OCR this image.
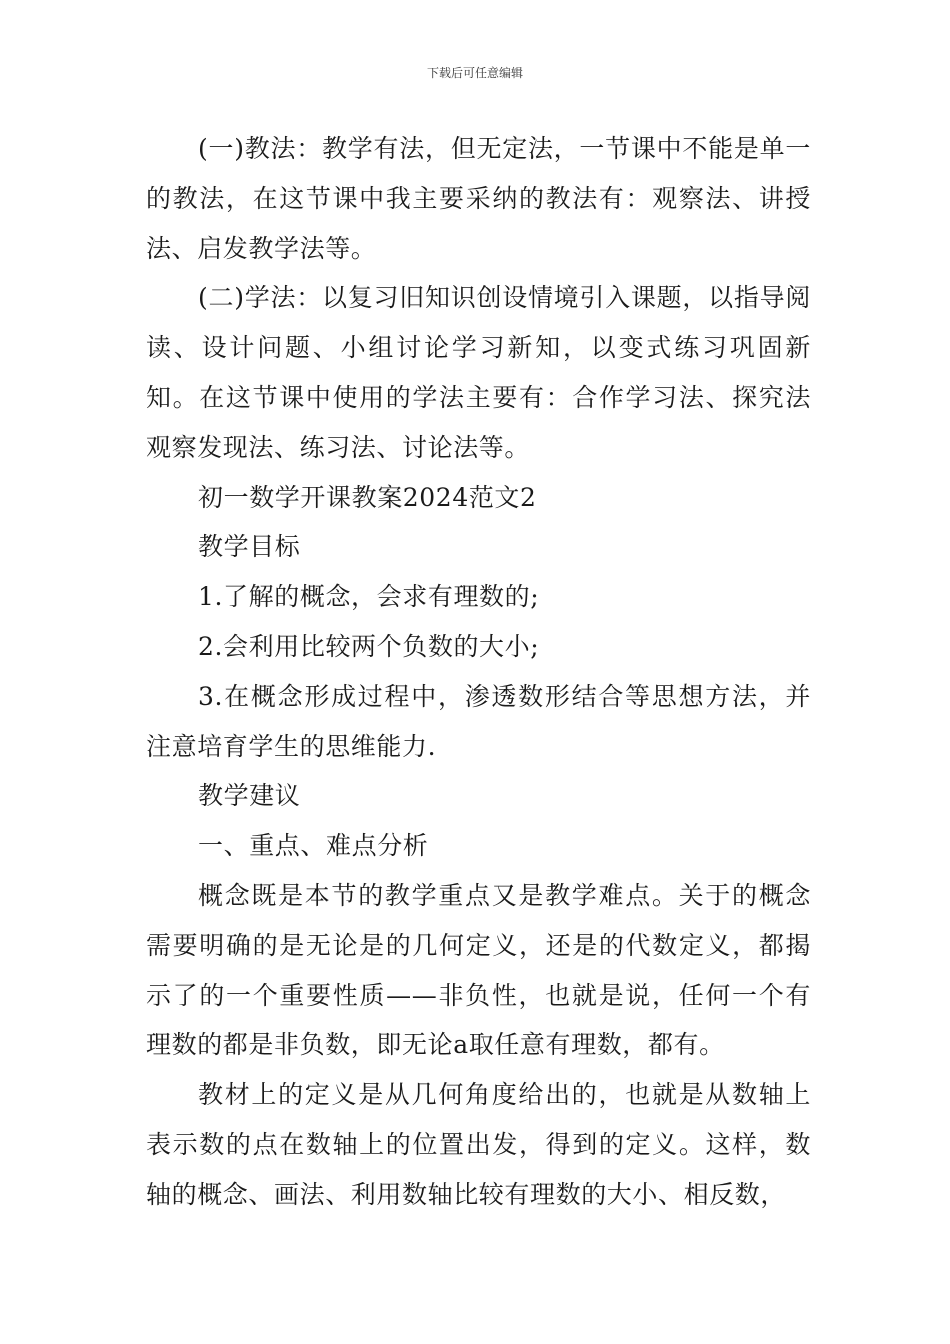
下载后可任意编辑

(一)教法：教学有法，但无定法，一节课中不能是单一的教法，在这节课中我主要采纳的教法有：观察法、讲授法、启发教学法等。

(二)学法：以复习旧知识创设情境引入课题，以指导阅读、设计问题、小组讨论学习新知，以变式练习巩固新知。在这节课中使用的学法主要有：合作学习法、探究法观察发现法、练习法、讨论法等。

初一数学开课教案2024范文2

教学目标

1.了解的概念，会求有理数的;

2.会利用比较两个负数的大小;

3.在概念形成过程中，渗透数形结合等思想方法，并注意培育学生的思维能力.

教学建议

一、重点、难点分析

概念既是本节的教学重点又是教学难点。关于的概念需要明确的是无论是的几何定义，还是的代数定义，都揭示了的一个重要性质——非负性，也就是说，任何一个有理数的都是非负数，即无论a取任意有理数，都有。

教材上的定义是从几何角度给出的，也就是从数轴上表示数的点在数轴上的位置出发，得到的定义。这样，数轴的概念、画法、利用数轴比较有理数的大小、相反数，
